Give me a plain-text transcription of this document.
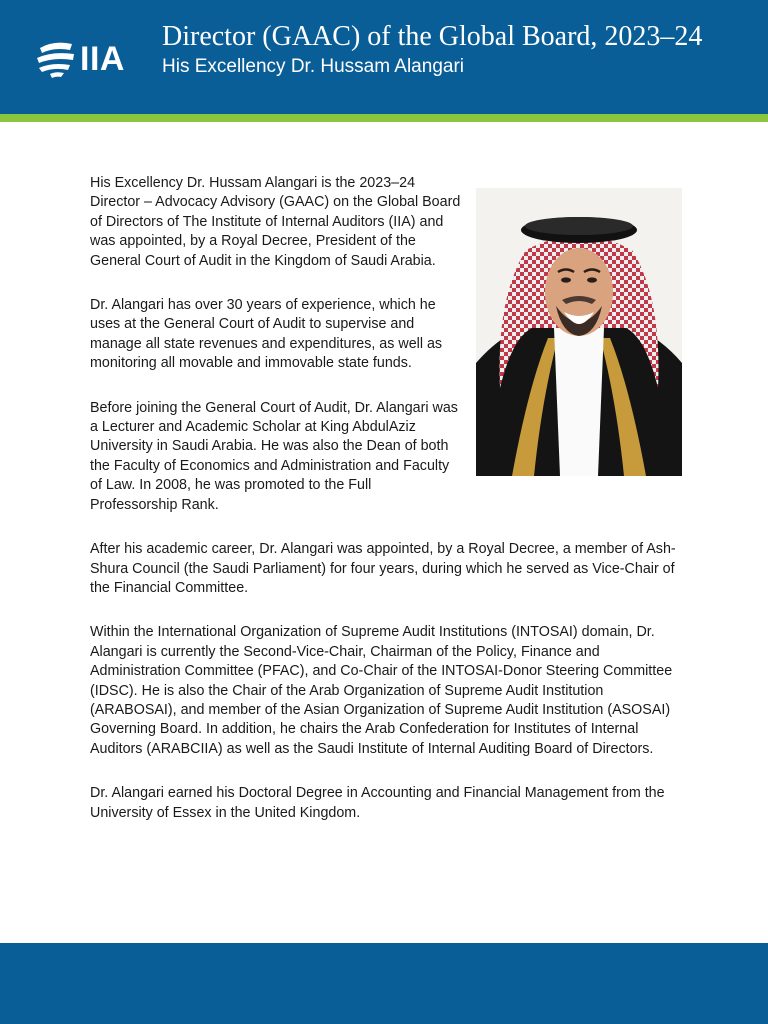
IIA
Director (GAAC) of the Global Board, 2023–24
His Excellency Dr. Hussam Alangari

His Excellency Dr. Hussam Alangari is the 2023–24 Director – Advocacy Advisory (GAAC) on the Global Board of Directors of The Institute of Internal Auditors (IIA) and was appointed, by a Royal Decree, President of the General Court of Audit in the Kingdom of Saudi Arabia.

Dr. Alangari has over 30 years of experience, which he uses at the General Court of Audit to supervise and manage all state revenues and expenditures, as well as monitoring all movable and immovable state funds.

Before joining the General Court of Audit, Dr. Alangari was a Lecturer and Academic Scholar at King AbdulAziz University in Saudi Arabia. He was also the Dean of both the Faculty of Economics and Administration and Faculty of Law. In 2008, he was promoted to the Full Professorship Rank.

After his academic career, Dr. Alangari was appointed, by a Royal Decree, a member of Ash-Shura Council (the Saudi Parliament) for four years, during which he served as Vice-Chair of the Financial Committee.

Within the International Organization of Supreme Audit Institutions (INTOSAI) domain, Dr. Alangari is currently the Second-Vice-Chair, Chairman of the Policy, Finance and Administration Committee (PFAC), and Co-Chair of the INTOSAI-Donor Steering Committee (IDSC). He is also the Chair of the Arab Organization of Supreme Audit Institution (ARABOSAI), and member of the Asian Organization of Supreme Audit Institution (ASOSAI) Governing Board. In addition, he chairs the Arab Confederation for Institutes of Internal Auditors (ARABCIIA) as well as the Saudi Institute of Internal Auditing Board of Directors.

Dr. Alangari earned his Doctoral Degree in Accounting and Financial Management from the University of Essex in the United Kingdom.
